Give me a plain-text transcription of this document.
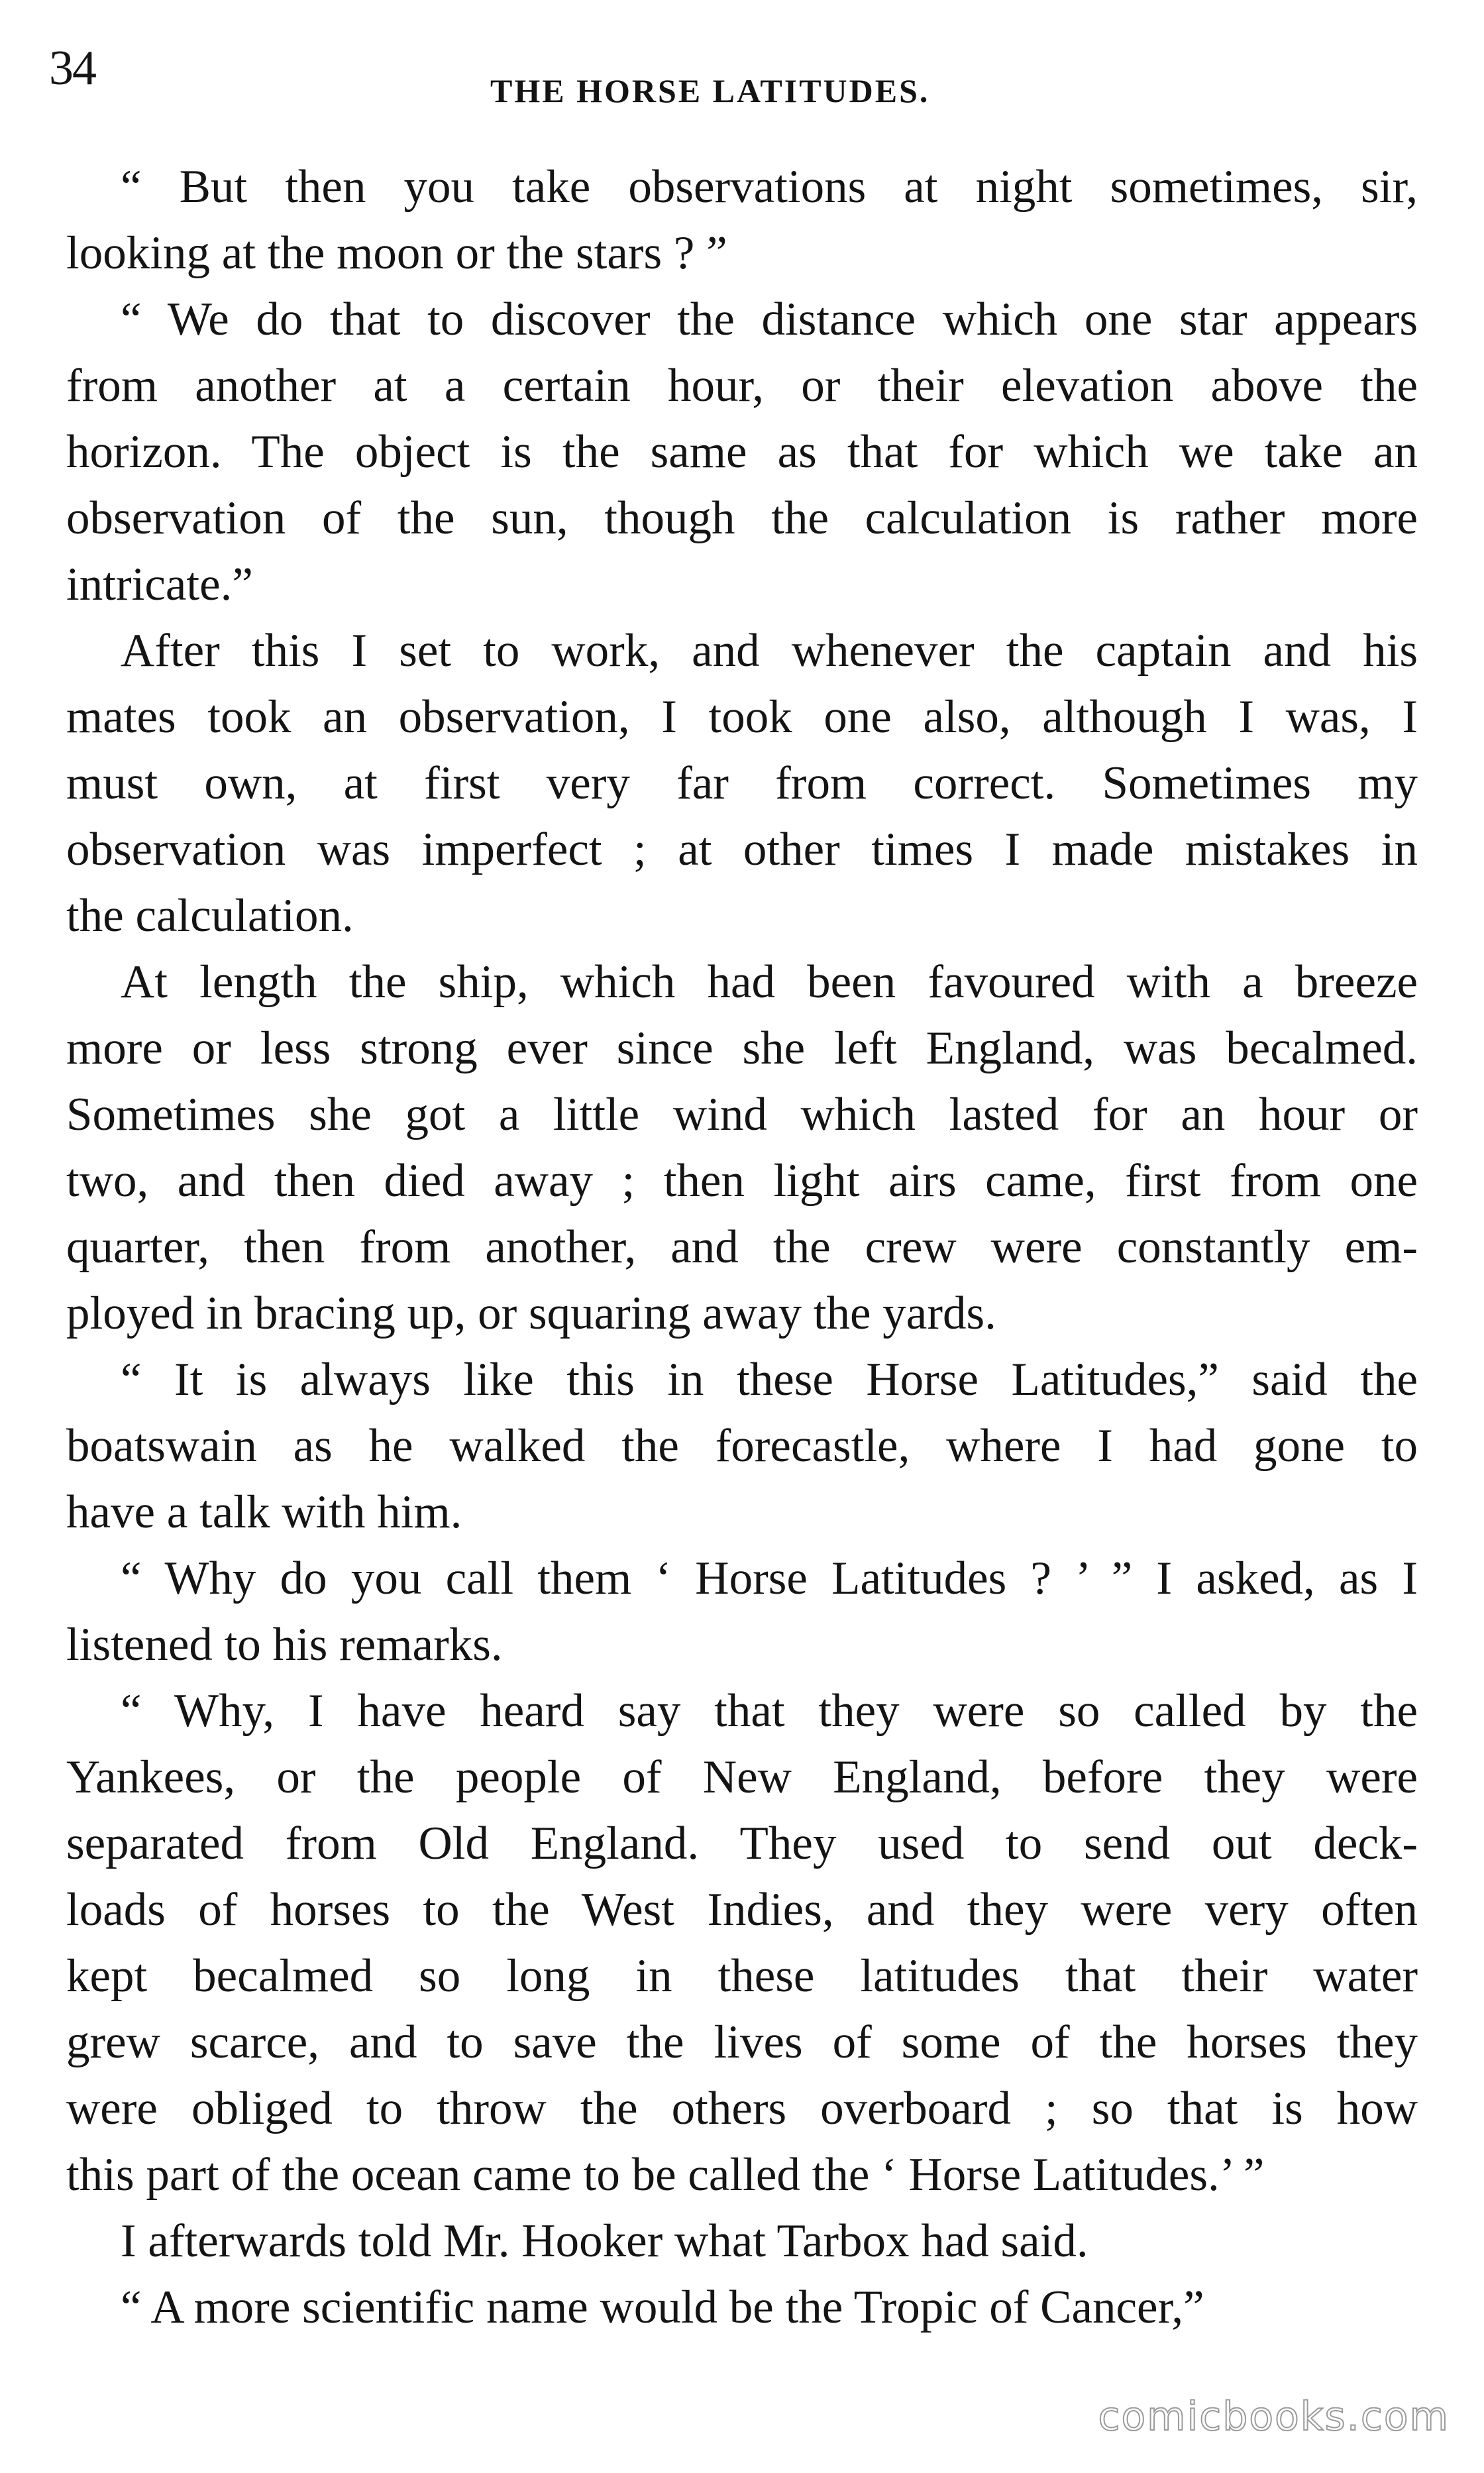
34	THE HORSE LATITUDES.
“ But then you take observations at night sometimes, sir,
looking at the moon or the stars ? ”
“ We do that to discover the distance which one star appears
from another at a certain hour, or their elevation above the
horizon. The object is the same as that for which we take an
observation of the sun, though the calculation is rather more
intricate.”
After this I set to work, and whenever the captain and his
mates took an observation, I took one also, although I was, I
must own, at first very far from correct. Sometimes my
observation was imperfect ; at other times I made mistakes in
the calculation.
At length the ship, which had been favoured with a breeze
more or less strong ever since she left England, was becalmed.
Sometimes she got a little wind which lasted for an hour or
two, and then died away ; then light airs came, first from one
quarter, then from another, and the crew were constantly em-
ployed in bracing up, or squaring away the yards.
“ It is always like this in these Horse Latitudes,” said the
boatswain as he walked the forecastle, where I had gone to
have a talk with him.
“ Why do you call them ‘ Horse Latitudes ? ’ ” I asked, as I
listened to his remarks.
“ Why, I have heard say that they were so called by the
Yankees, or the people of New England, before they were
separated from Old England. They used to send out deck-
loads of horses to the West Indies, and they were very often
kept becalmed so long in these latitudes that their water
grew scarce, and to save the lives of some of the horses they
were obliged to throw the others overboard ; so that is how
this part of the ocean came to be called the ‘ Horse Latitudes.’ ”
I afterwards told Mr. Hooker what Tarbox had said.
“ A more scientific name would be the Tropic of Cancer,”
comicbooks.com
